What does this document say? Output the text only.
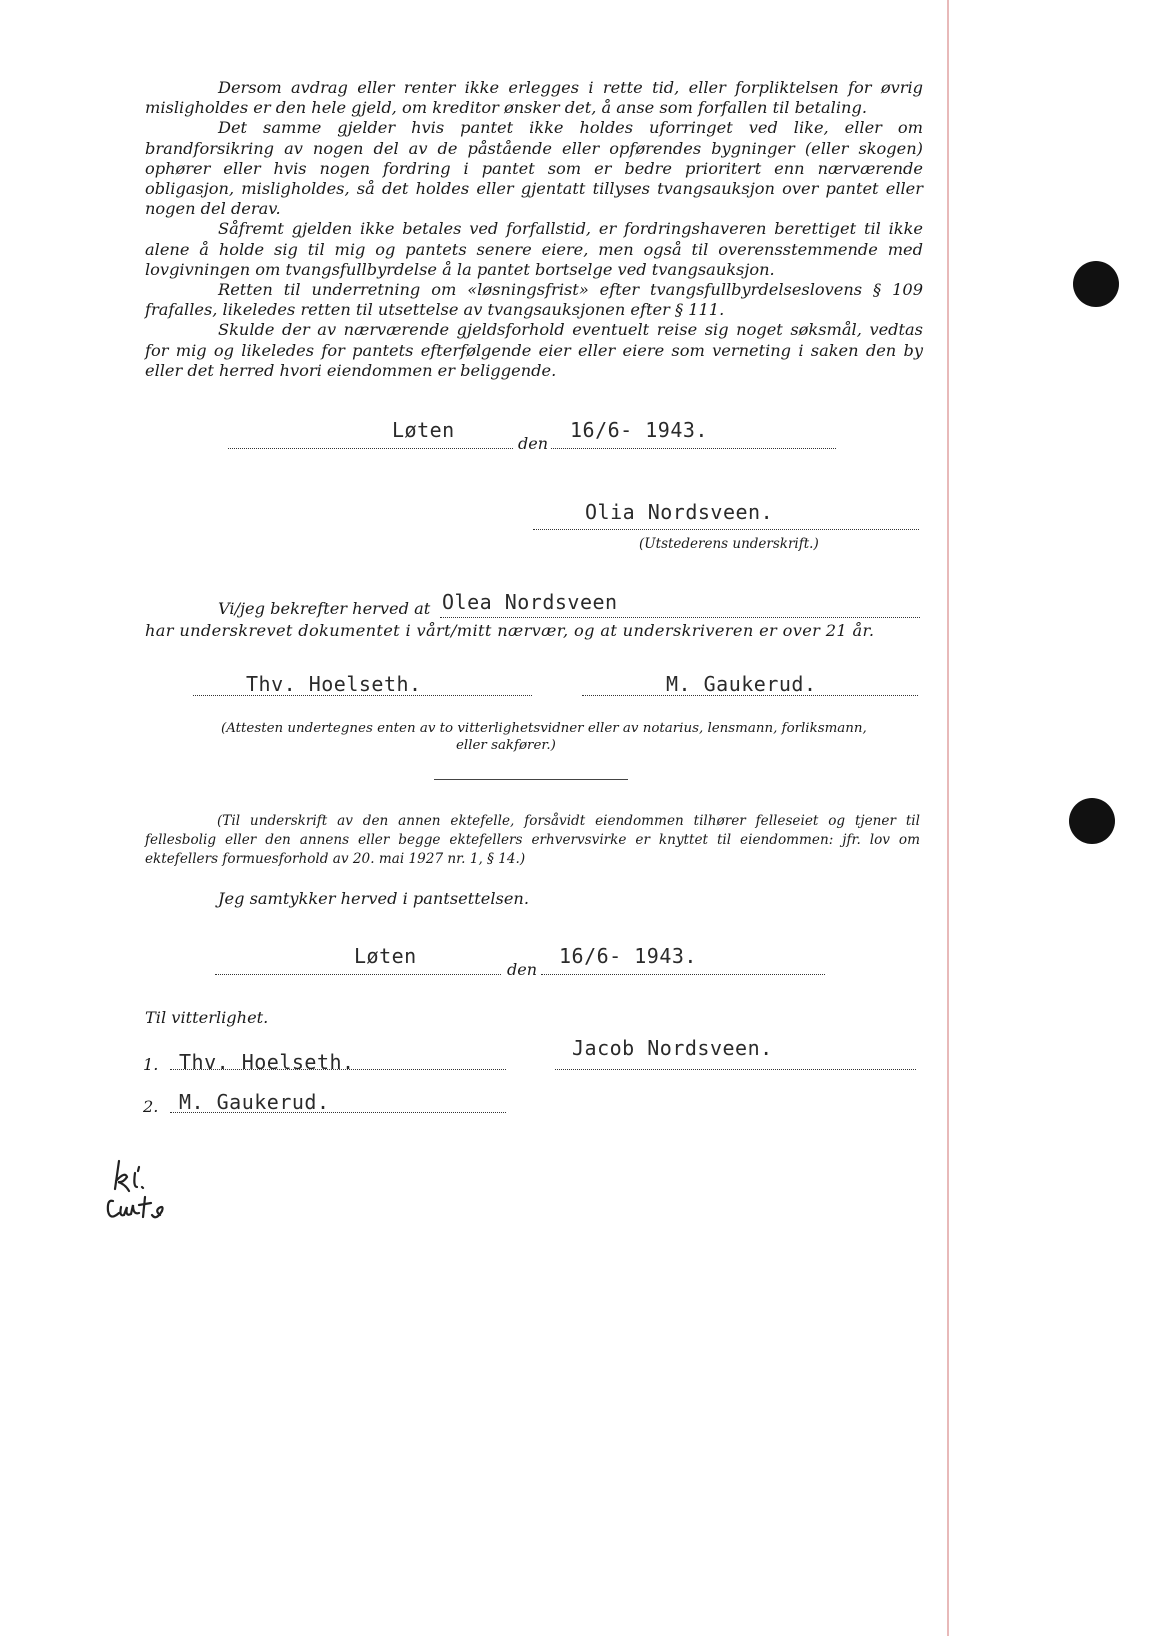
Dersom avdrag eller renter ikke erlegges i rette tid, eller forpliktelsen for øvrig misligholdes er den hele gjeld, om kreditor ønsker det, å anse som forfallen til betaling.

Det samme gjelder hvis pantet ikke holdes uforringet ved like, eller om brandforsikring av nogen del av de påstående eller opførendes bygninger (eller skogen) ophører eller hvis nogen fordring i pantet som er bedre prioritert enn nærværende obligasjon, misligholdes, så det holdes eller gjentatt tillyses tvangsauksjon over pantet eller nogen del derav.

Såfremt gjelden ikke betales ved forfallstid, er fordringshaveren berettiget til ikke alene å holde sig til mig og pantets senere eiere, men også til overensstemmende med lovgivningen om tvangsfullbyrdelse å la pantet bortselge ved tvangsauksjon.

Retten til underretning om «løsningsfrist» efter tvangsfullbyrdelseslovens § 109 frafalles, likeledes retten til utsettelse av tvangsauksjonen efter § 111.

Skulde der av nærværende gjeldsforhold eventuelt reise sig noget søksmål, vedtas for mig og likeledes for pantets efterfølgende eier eller eiere som verneting i saken den by eller det herred hvori eiendommen er beliggende.

Løten
den
16/6- 1943.
Olia Nordsveen.
(Utstederens underskrift.)
Vi/jeg bekrefter herved at Olea Nordsveen
har underskrevet dokumentet i vårt/mitt nærvær, og at underskriveren er over 21 år.
Thv. Hoelseth.	M. Gaukerud.
(Attesten undertegnes enten av to vitterlighetsvidner eller av notarius, lensmann, forliksmann,
eller sakfører.)

(Til underskrift av den annen ektefelle, forsåvidt eiendommen tilhører felleseiet og tjener til fellesbolig eller den annens eller begge ektefellers erhvervsvirke er knyttet til eiendommen: jfr. lov om ektefellers formuesforhold av 20. mai 1927 nr. 1, § 14.)

Jeg samtykker herved i pantsettelsen.
Løten
den
16/6- 1943.
Til vitterlighet.
1. Thv. Hoelseth.
Jacob Nordsveen.
2. M. Gaukerud.
